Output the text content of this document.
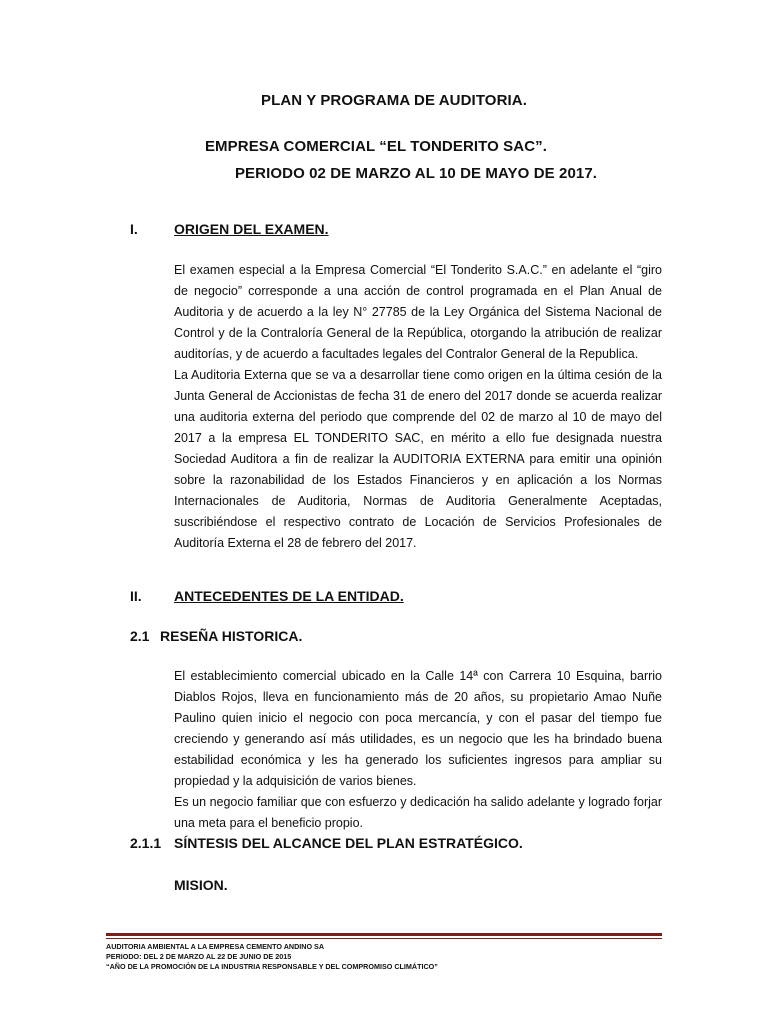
PLAN Y PROGRAMA DE AUDITORIA.
EMPRESA COMERCIAL “EL TONDERITO SAC”.
PERIODO 02 DE MARZO AL 10 DE MAYO DE 2017.
I.	ORIGEN DEL EXAMEN.

El examen especial a la Empresa Comercial “El Tonderito S.A.C.” en adelante el “giro de negocio” corresponde a una acción de control programada en el Plan Anual de Auditoria y de acuerdo a la ley N° 27785 de la Ley Orgánica del Sistema Nacional de Control y de la Contraloría General de la República, otorgando la atribución de realizar auditorías, y de acuerdo a facultades legales del Contralor General de la Republica.

La Auditoria Externa que se va a desarrollar tiene como origen en la última cesión de la Junta General de Accionistas de fecha 31 de enero del 2017 donde se acuerda realizar una auditoria externa del periodo que comprende del 02 de marzo al 10 de mayo del 2017 a la empresa EL TONDERITO SAC, en mérito a ello fue designada nuestra Sociedad Auditora a fin de realizar la AUDITORIA EXTERNA para emitir una opinión sobre la razonabilidad de los Estados Financieros y en aplicación a los Normas Internacionales de Auditoria, Normas de Auditoria Generalmente Aceptadas, suscribiéndose el respectivo contrato de Locación de Servicios Profesionales de Auditoría Externa el 28 de febrero del 2017.

II. ANTECEDENTES DE LA ENTIDAD.
2.1 RESEÑA HISTORICA.

El establecimiento comercial ubicado en la Calle 14ª con Carrera 10 Esquina, barrio Diablos Rojos, lleva en funcionamiento más de 20 años, su propietario Amao Nuñe Paulino quien inicio el negocio con poca mercancía, y con el pasar del tiempo fue creciendo y generando así más utilidades, es un negocio que les ha brindado buena estabilidad económica y les ha generado los suficientes ingresos para ampliar su propiedad y la adquisición de varios bienes.

Es un negocio familiar que con esfuerzo y dedicación ha salido adelante y logrado forjar una meta para el beneficio propio.

2.1.1 SÍNTESIS DEL ALCANCE DEL PLAN ESTRATÉGICO.
MISION.
AUDITORIA AMBIENTAL A LA EMPRESA CEMENTO ANDINO SA
PERIODO: DEL 2 DE MARZO AL 22 DE JUNIO DE 2015
“AÑO DE LA PROMOCIÓN DE LA INDUSTRIA RESPONSABLE Y DEL COMPROMISO CLIMÁTICO”
